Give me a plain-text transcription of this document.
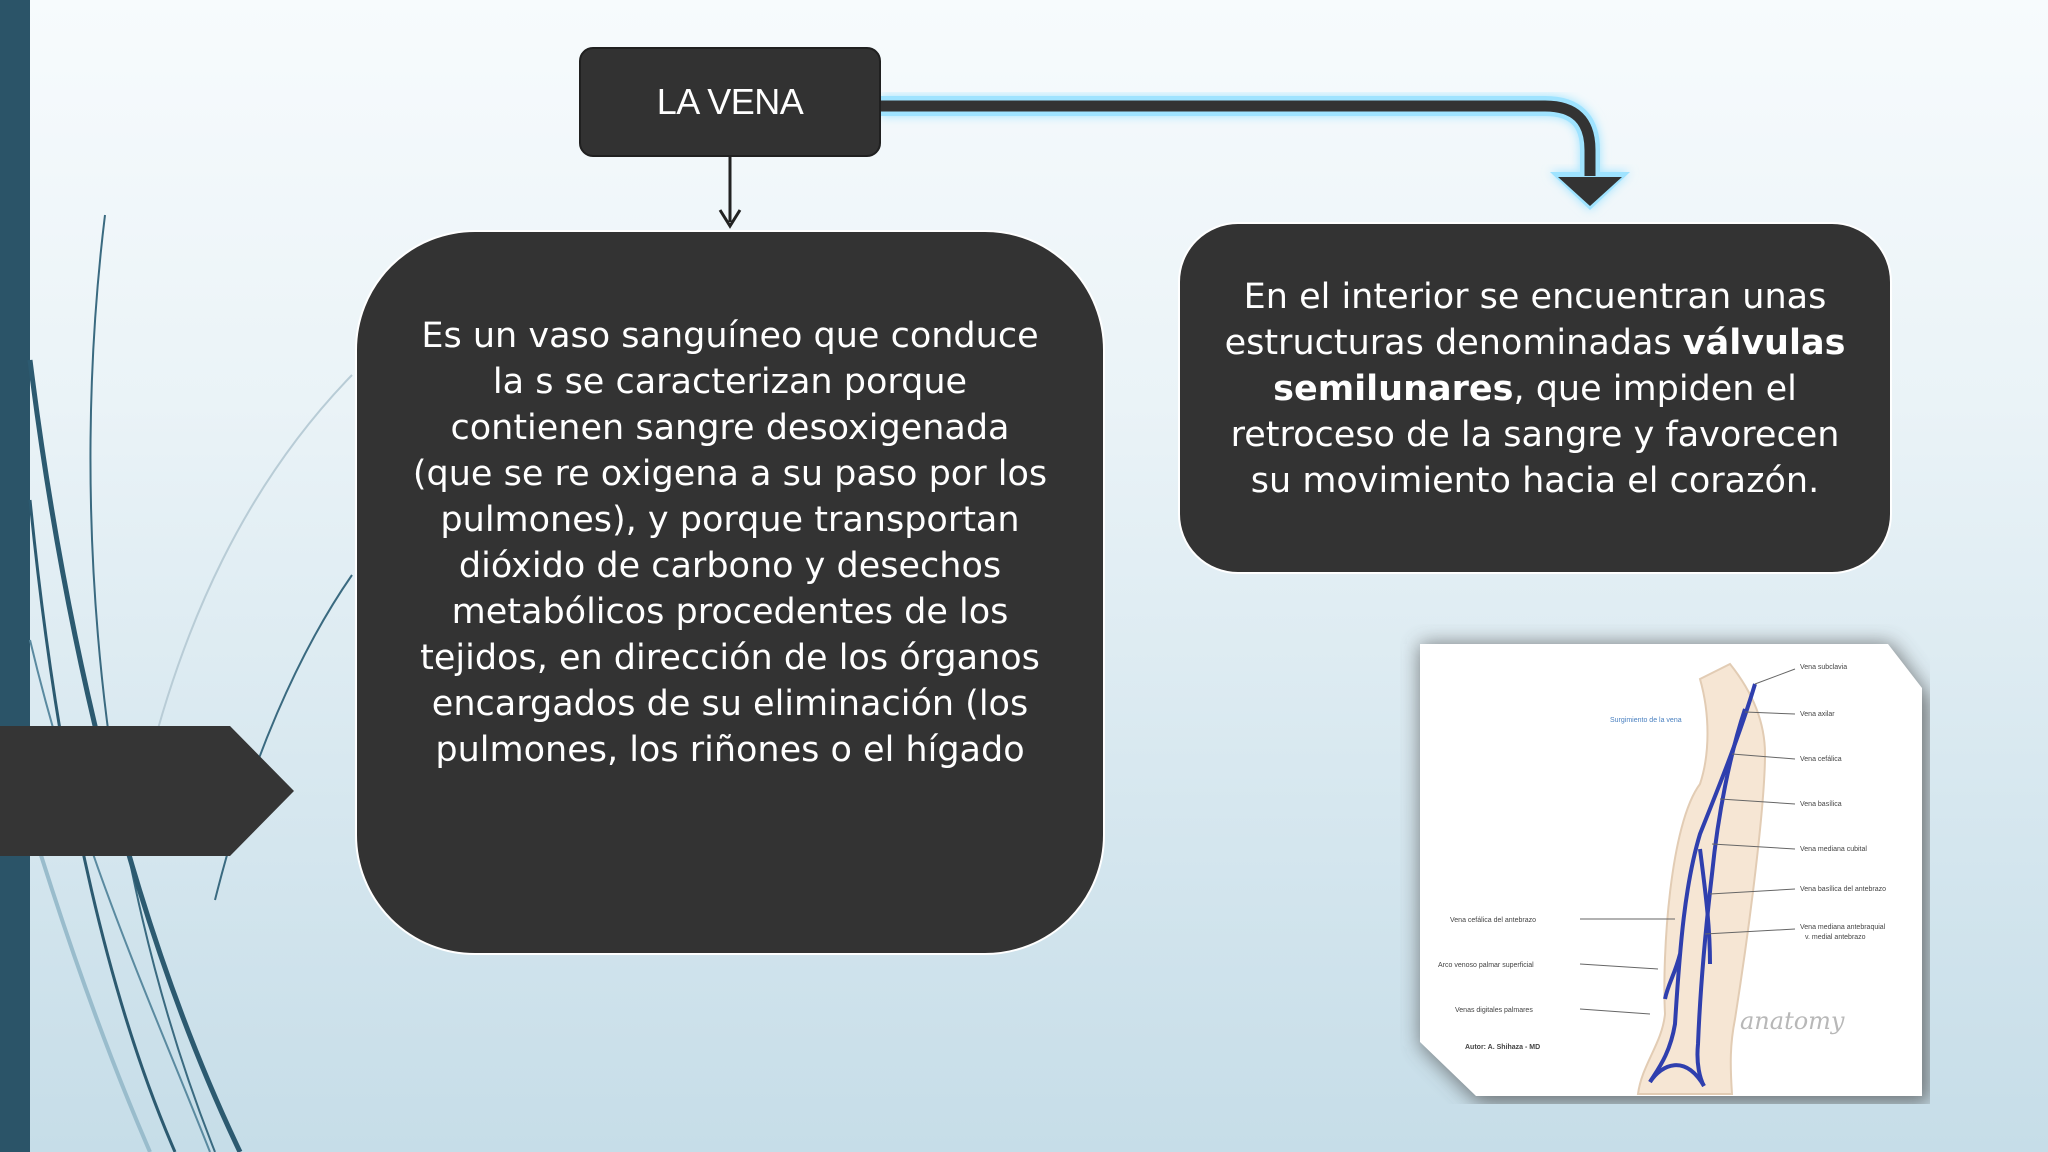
LA VENA
Es un vaso sanguíneo que conduce la s se caracterizan porque contienen sangre desoxigenada (que se re oxigena a su paso por los pulmones), y porque transportan dióxido de carbono y desechos metabólicos procedentes de los tejidos, en dirección de los órganos encargados de su eliminación (los pulmones, los riñones o el hígado
En el interior se encuentran unas estructuras denominadas válvulas semilunares, que impiden el retroceso de la sangre y favorecen su movimiento hacia el corazón.
Vena subclavia
Vena axilar
Vena cefálica
Vena basílica
Vena mediana cubital
Vena basílica del antebrazo
Vena mediana antebraquial
v. medial antebrazo
Vena cefálica del antebrazo
Arco venoso palmar superficial
Venas digitales palmares
Surgimiento de la vena
Autor: A. Shihaza - MD
anatomy
